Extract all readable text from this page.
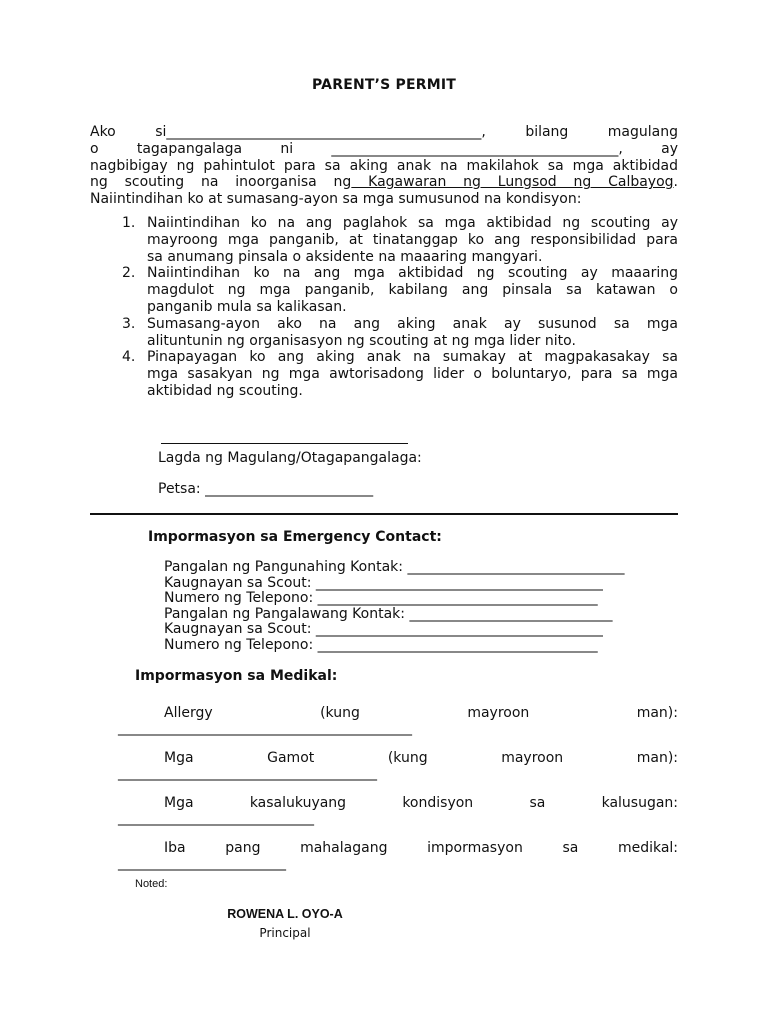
PARENT’S PERMIT
Ako si_____________________________________________, bilang magulang
o	tagapangalaga	ni	_________________________________________,	ay
nagbibigay ng pahintulot para sa aking anak na makilahok sa mga aktibidad
ng scouting na inoorganisa ng Kagawaran ng Lungsod ng Calbayog.
Naiintindihan ko at sumasang-ayon sa mga sumusunod na kondisyon:
1. Naiintindihan ko na ang paglahok sa mga aktibidad ng scouting ay
mayroong mga panganib, at tinatanggap ko ang responsibilidad para
sa anumang pinsala o aksidente na maaaring mangyari.
2. Naiintindihan ko na ang mga aktibidad ng scouting ay maaaring
magdulot ng mga panganib, kabilang ang pinsala sa katawan o
panganib mula sa kalikasan.
3. Sumasang-ayon ako na ang aking anak ay susunod sa mga
alituntunin ng organisasyon ng scouting at ng mga lider nito.
4. Pinapayagan ko ang aking anak na sumakay at magpakasakay sa
mga sasakyan ng mga awtorisadong lider o boluntaryo, para sa mga
aktibidad ng scouting.
Lagda ng Magulang/Otagapangalaga:
Petsa: ________________________
Impormasyon sa Emergency Contact:
Pangalan ng Pangunahing Kontak: _______________________________
Kaugnayan sa Scout: _________________________________________
Numero ng Telepono: ________________________________________
Pangalan ng Pangalawang Kontak: _____________________________
Kaugnayan sa Scout: _________________________________________
Numero ng Telepono: ________________________________________
Impormasyon sa Medikal:
Allergy	(kung	mayroon	man):
__________________________________________
Mga	Gamot	(kung	mayroon	man):
_____________________________________
Mga	kasalukuyang	kondisyon	sa	kalusugan:
____________________________
Iba	pang	mahalagang	impormasyon	sa	medikal:
________________________
Noted:
ROWENA L. OYO-A
Principal
